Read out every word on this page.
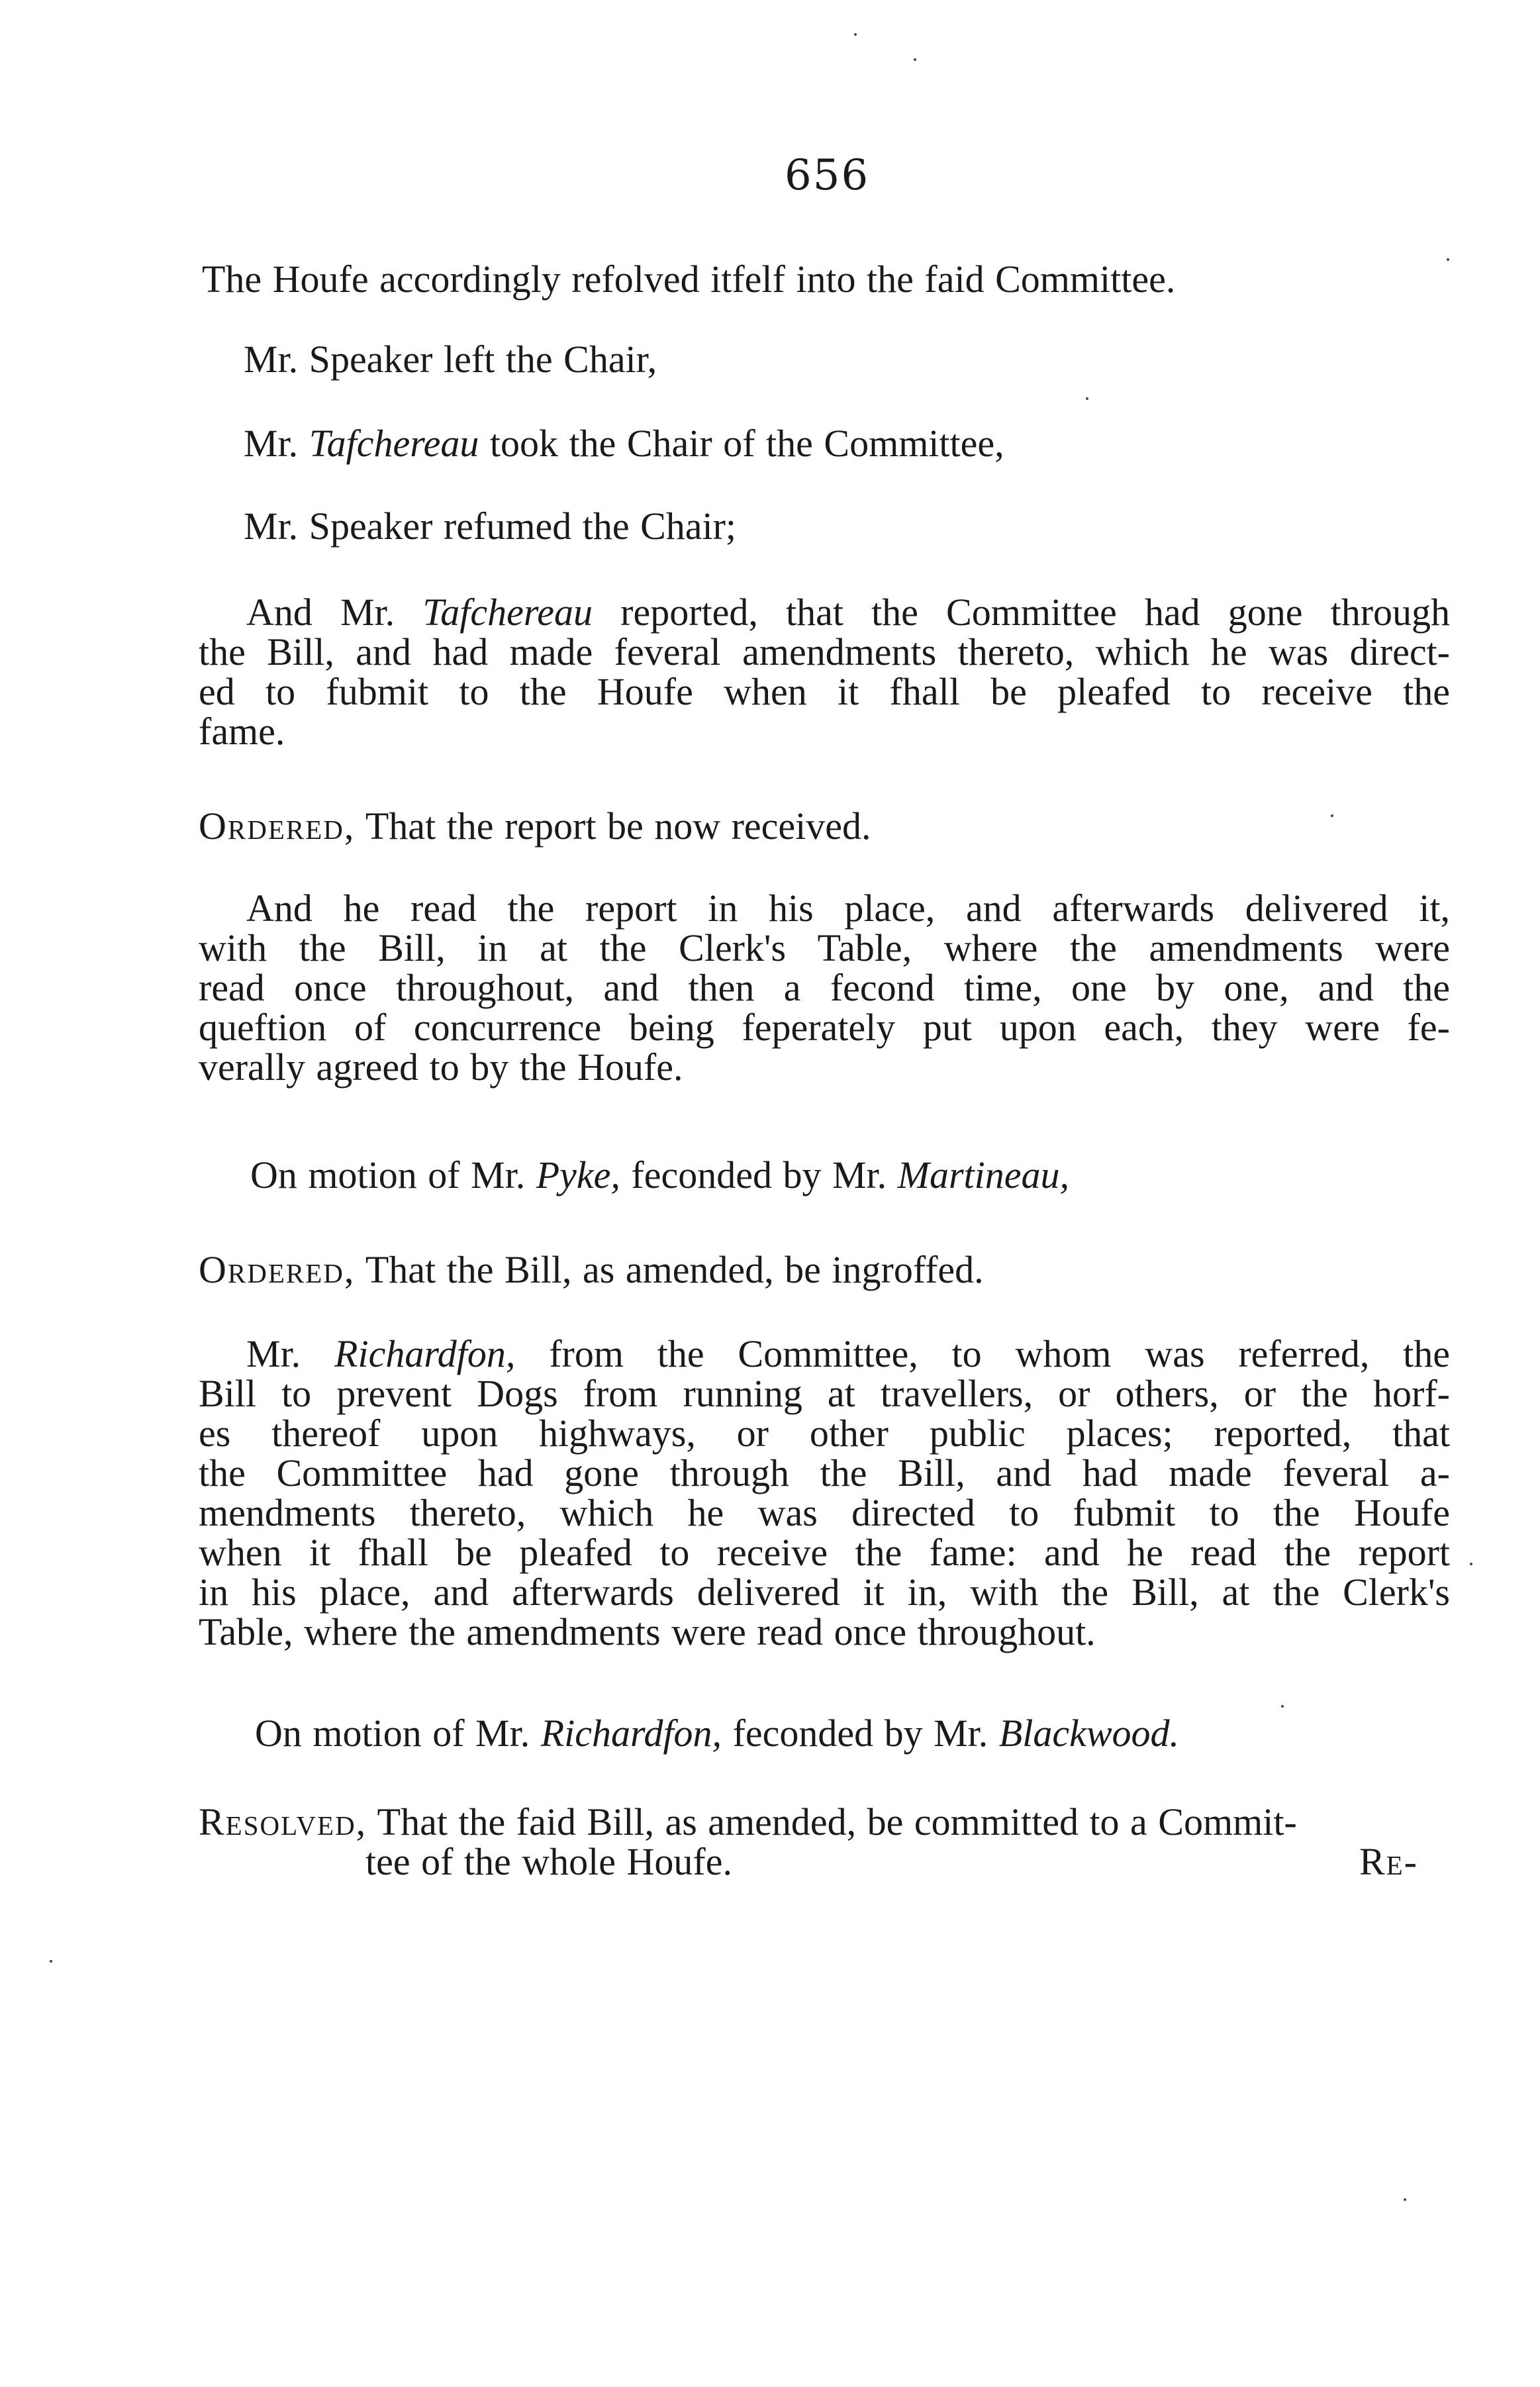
656
The Houfe accordingly refolved itfelf into the faid Committee.
Mr. Speaker left the Chair,
Mr. Tafchereau took the Chair of the Committee,
Mr. Speaker refumed the Chair;
And Mr. Tafchereau reported, that the Committee had gone through
the Bill, and had made feveral amendments thereto, which he was direct-
ed to fubmit to the Houfe when it fhall be pleafed to receive the
fame.
Ordered, That the report be now received.
And he read the report in his place, and afterwards delivered it,
with the Bill, in at the Clerk's Table, where the amendments were
read once throughout, and then a fecond time, one by one, and the
queftion of concurrence being feperately put upon each, they were fe-
verally agreed to by the Houfe.
On motion of Mr. Pyke, feconded by Mr. Martineau,
Ordered, That the Bill, as amended, be ingroffed.
Mr. Richardfon, from the Committee, to whom was referred, the
Bill to prevent Dogs from running at travellers, or others, or the horf-
es thereof upon highways, or other public places; reported, that
the Committee had gone through the Bill, and had made feveral a-
mendments thereto, which he was directed to fubmit to the Houfe
when it fhall be pleafed to receive the fame: and he read the report
in his place, and afterwards delivered it in, with the Bill, at the Clerk's
Table, where the amendments were read once throughout.
On motion of Mr. Richardfon, feconded by Mr. Blackwood.
Resolved, That the faid Bill, as amended, be committed to a Commit-
tee of the whole Houfe.	Re-
